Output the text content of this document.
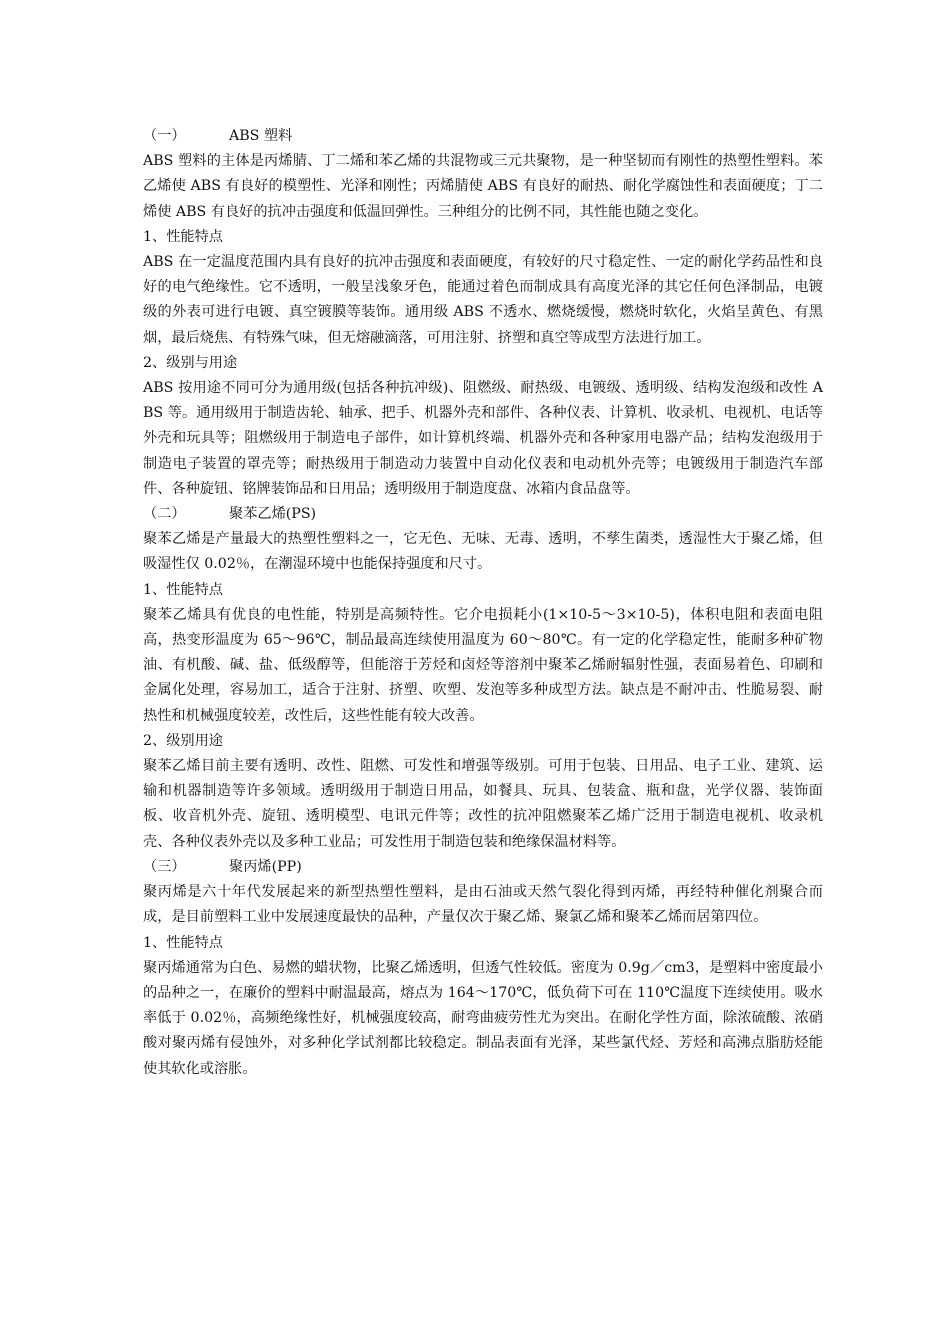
（一）	ABS 塑料

ABS 塑料的主体是丙烯腈、丁二烯和苯乙烯的共混物或三元共聚物，是一种坚韧而有刚性的热塑性塑料。苯乙烯使 ABS 有良好的模塑性、光泽和刚性；丙烯腈使 ABS 有良好的耐热、耐化学腐蚀性和表面硬度；丁二烯使 ABS 有良好的抗冲击强度和低温回弹性。三种组分的比例不同，其性能也随之变化。

1、性能特点

ABS 在一定温度范围内具有良好的抗冲击强度和表面硬度，有较好的尺寸稳定性、一定的耐化学药品性和良好的电气绝缘性。它不透明，一般呈浅象牙色，能通过着色而制成具有高度光泽的其它任何色泽制品，电镀级的外表可进行电镀、真空镀膜等装饰。通用级 ABS 不透水、燃烧缓慢，燃烧时软化，火焰呈黄色、有黑烟，最后烧焦、有特殊气味，但无熔融滴落，可用注射、挤塑和真空等成型方法进行加工。

2、级别与用途

ABS 按用途不同可分为通用级(包括各种抗冲级)、阻燃级、耐热级、电镀级、透明级、结构发泡级和改性 ABS 等。通用级用于制造齿轮、轴承、把手、机器外壳和部件、各种仪表、计算机、收录机、电视机、电话等外壳和玩具等；阻燃级用于制造电子部件，如计算机终端、机器外壳和各种家用电器产品；结构发泡级用于制造电子装置的罩壳等；耐热级用于制造动力装置中自动化仪表和电动机外壳等；电镀级用于制造汽车部件、各种旋钮、铭牌装饰品和日用品；透明级用于制造度盘、冰箱内食品盘等。

（二）	聚苯乙烯(PS)

聚苯乙烯是产量最大的热塑性塑料之一，它无色、无味、无毒、透明，不孳生菌类，透湿性大于聚乙烯，但吸湿性仅 0.02％，在潮湿环境中也能保持强度和尺寸。

1、性能特点

聚苯乙烯具有优良的电性能，特别是高频特性。它介电损耗小(1×10-5～3×10-5)，体积电阻和表面电阻高，热变形温度为 65～96℃，制品最高连续使用温度为 60～80℃。有一定的化学稳定性，能耐多种矿物油、有机酸、碱、盐、低级醇等，但能溶于芳烃和卤烃等溶剂中聚苯乙烯耐辐射性强，表面易着色、印刷和金属化处理，容易加工，适合于注射、挤塑、吹塑、发泡等多种成型方法。缺点是不耐冲击、性脆易裂、耐热性和机械强度较差，改性后，这些性能有较大改善。

2、级别用途

聚苯乙烯目前主要有透明、改性、阻燃、可发性和增强等级别。可用于包装、日用品、电子工业、建筑、运输和机器制造等许多领域。透明级用于制造日用品，如餐具、玩具、包装盒、瓶和盘，光学仪器、装饰面板、收音机外壳、旋钮、透明模型、电讯元件等；改性的抗冲阻燃聚苯乙烯广泛用于制造电视机、收录机壳、各种仪表外壳以及多种工业品；可发性用于制造包装和绝缘保温材料等。

（三）	聚丙烯(PP)

聚丙烯是六十年代发展起来的新型热塑性塑料，是由石油或天然气裂化得到丙烯，再经特种催化剂聚合而成，是目前塑料工业中发展速度最快的品种，产量仅次于聚乙烯、聚氯乙烯和聚苯乙烯而居第四位。

1、性能特点

聚丙烯通常为白色、易燃的蜡状物，比聚乙烯透明，但透气性较低。密度为 0.9g／cm3，是塑料中密度最小的品种之一，在廉价的塑料中耐温最高，熔点为 164～170℃，低负荷下可在 110℃温度下连续使用。吸水率低于 0.02％，高频绝缘性好，机械强度较高，耐弯曲疲劳性尤为突出。在耐化学性方面，除浓硫酸、浓硝酸对聚丙烯有侵蚀外，对多种化学试剂都比较稳定。制品表面有光泽，某些氯代烃、芳烃和高沸点脂肪烃能使其软化或溶胀。
